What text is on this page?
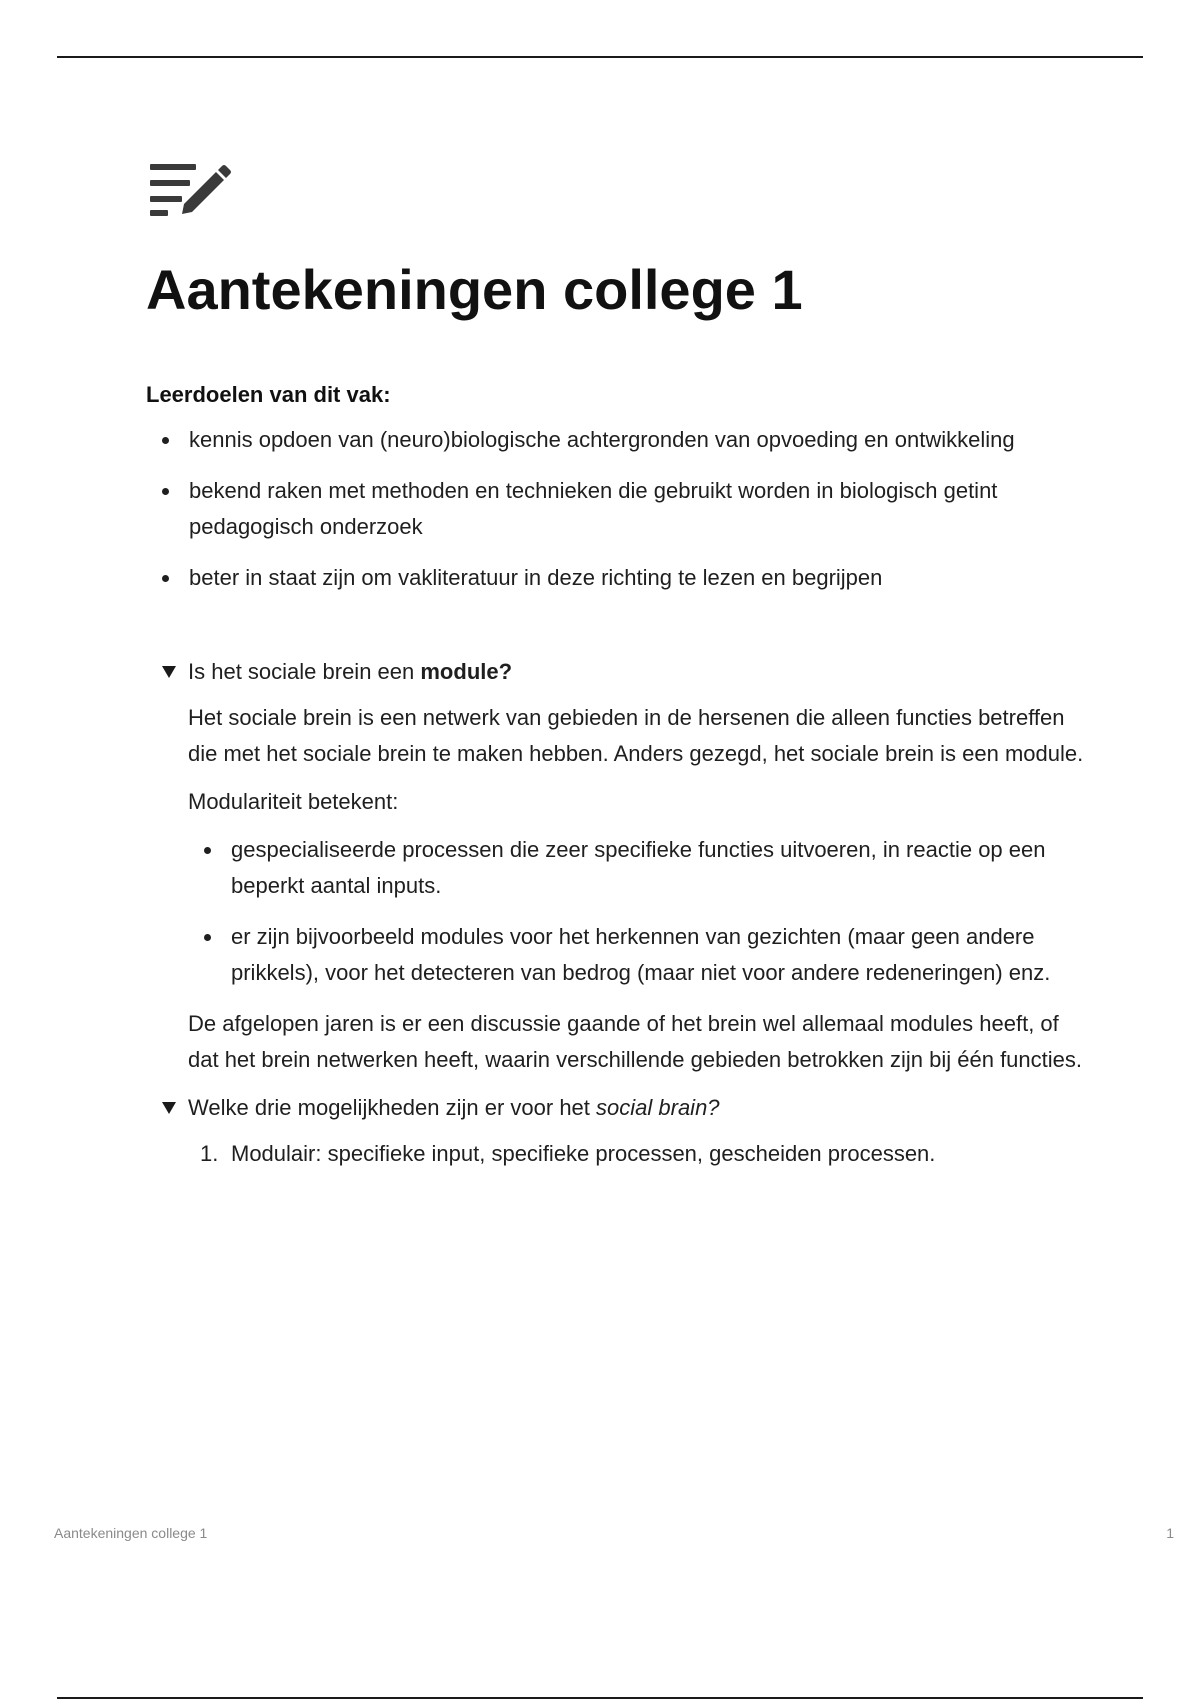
Aantekeningen college 1
Leerdoelen van dit vak:
kennis opdoen van (neuro)biologische achtergronden van opvoeding en ontwikkeling
bekend raken met methoden en technieken die gebruikt worden in biologisch getint pedagogisch onderzoek
beter in staat zijn om vakliteratuur in deze richting te lezen en begrijpen
Is het sociale brein een module?

Het sociale brein is een netwerk van gebieden in de hersenen die alleen functies betreffen die met het sociale brein te maken hebben. Anders gezegd, het sociale brein is een module.

Modulariteit betekent:

gespecialiseerde processen die zeer specifieke functies uitvoeren, in reactie op een beperkt aantal inputs.
er zijn bijvoorbeeld modules voor het herkennen van gezichten (maar geen andere prikkels), voor het detecteren van bedrog (maar niet voor andere redeneringen) enz.

De afgelopen jaren is er een discussie gaande of het brein wel allemaal modules heeft, of dat het brein netwerken heeft, waarin verschillende gebieden betrokken zijn bij één functies.

Welke drie mogelijkheden zijn er voor het social brain?
1. Modulair: specifieke input, specifieke processen, gescheiden processen.
Aantekeningen college 1	1
